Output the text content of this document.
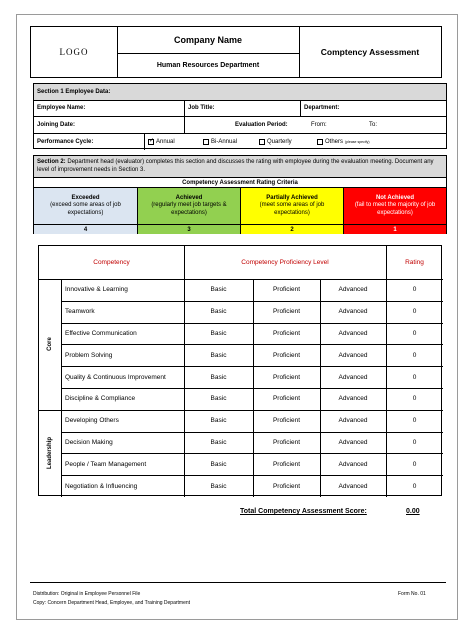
LOGO
Company Name
Human Resources Department
Comptency Assessment
Section 1 Employee Data:
Employee Name:	Job Title:	Department:
Joining Date:	Evaluation Period:	From:	To:
Performance Cycle:
✓	Annual	Bi-Annual	Quarterly	Others (please specify)
Section 2: Department head (evaluator) completes this section and discusses the rating with employee during the evaluation meeting. Document any level of improvement needs in Section 3.
Competency Assessment Rating Criteria
Exceeded
(exceed some areas of job expectations)
Achieved
(regularly meet job targets & expectations)
Partially Achieved
(meet some areas of job expectations)
Not Achieved
(fail to meet the majority of job expectations)
4	3	2	1
Competency	Competency Proficiency Level	Rating
Innovative & Learning	Basic	Proficient	Advanced	0
Teamwork	Basic	Proficient	Advanced	0
Effective Communication	Basic	Proficient	Advanced	0
Problem Solving	Basic	Proficient	Advanced	0
Quality & Continuous Improvement	Basic	Proficient	Advanced	0
Discipline & Compliance	Basic	Proficient	Advanced	0
Core
Developing Others	Basic	Proficient	Advanced	0
Decision Making	Basic	Proficient	Advanced	0
People / Team Management	Basic	Proficient	Advanced	0
Negotiation & Influencing	Basic	Proficient	Advanced	0
Leadership
Total Competency Assessment Score:	0.00
Distribution: Original in Employee Personnel File
Copy: Concern Department Head, Employee, and Training Department
Form No. 01
